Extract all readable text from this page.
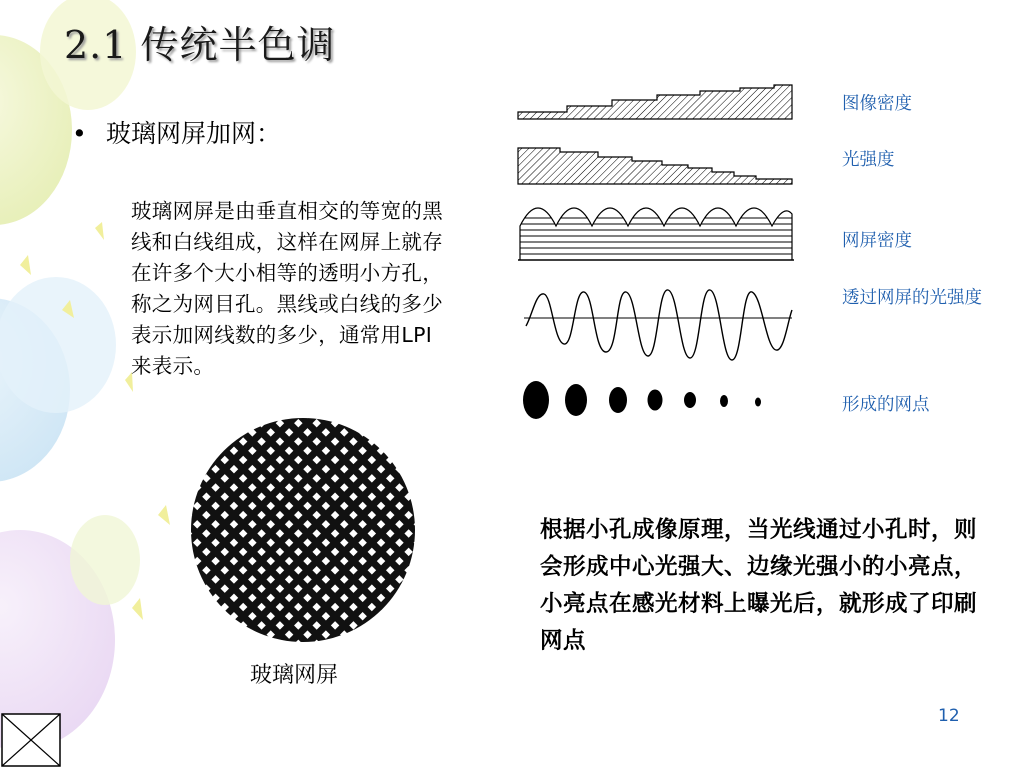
2.1 传统半色调
• 玻璃网屏加网：
玻璃网屏是由垂直相交的等宽的黑线和白线组成，这样在网屏上就存在许多个大小相等的透明小方孔，称之为网目孔。黑线或白线的多少表示加网线数的多少，通常用LPI来表示。
玻璃网屏
图像密度
光强度
网屏密度
透过网屏的光强度
形成的网点
根据小孔成像原理，当光线通过小孔时，则会形成中心光强大、边缘光强小的小亮点，小亮点在感光材料上曝光后，就形成了印刷网点
12
